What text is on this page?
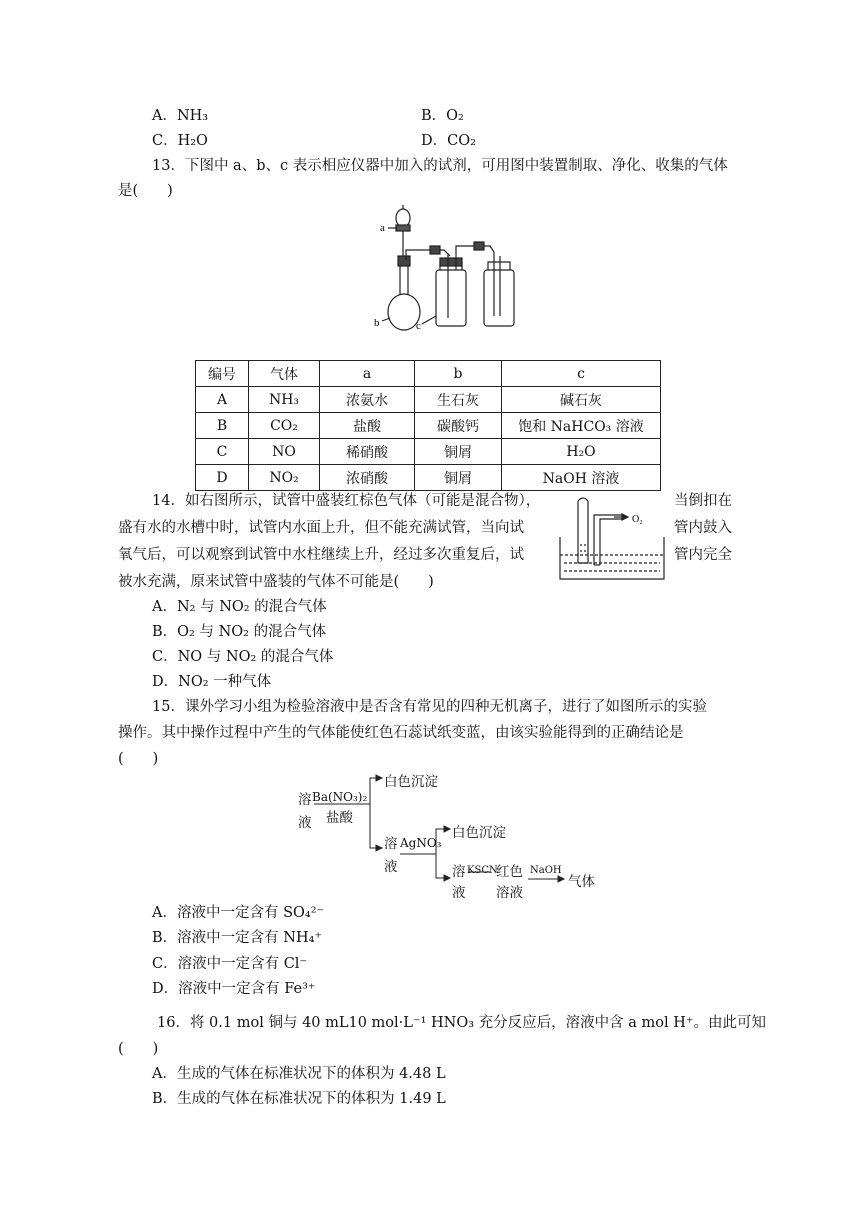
A．NH₃	B．O₂
C．H₂O	D．CO₂
13．下图中 a、b、c 表示相应仪器中加入的试剂，可用图中装置制取、净化、收集的气体
是(　　)
a
b	c
编号	气体	a	b	c
A	NH₃	浓氨水	生石灰	碱石灰
B	CO₂	盐酸	碳酸钙	饱和 NaHCO₃ 溶液
C	NO	稀硝酸	铜屑	H₂O
D	NO₂	浓硝酸	铜屑	NaOH 溶液
14．如右图所示，试管中盛装红棕色气体（可能是混合物），	当倒扣在
盛有水的水槽中时，试管内水面上升，但不能充满试管，当向试	管内鼓入
氧气后，可以观察到试管中水柱继续上升，经过多次重复后，试	管内完全
被水充满，原来试管中盛装的气体不可能是(　　)
O₂
A．N₂ 与 NO₂ 的混合气体
B．O₂ 与 NO₂ 的混合气体
C．NO 与 NO₂ 的混合气体
D．NO₂ 一种气体
15．课外学习小组为检验溶液中是否含有常见的四种无机离子，进行了如图所示的实验
操作。其中操作过程中产生的气体能使红色石蕊试纸变蓝，由该实验能得到的正确结论是
(　　)
溶
液
Ba(NO₃)₂
盐酸
白色沉淀
溶
液
AgNO₃
白色沉淀
溶
液
KSCN
红色
溶液
NaOH
气体
A．溶液中一定含有 SO₄²⁻
B．溶液中一定含有 NH₄⁺
C．溶液中一定含有 Cl⁻
D．溶液中一定含有 Fe³⁺
16．将 0.1 mol 铜与 40 mL10 mol·L⁻¹ HNO₃ 充分反应后，溶液中含 a mol H⁺。由此可知
(　　)
A．生成的气体在标准状况下的体积为 4.48 L
B．生成的气体在标准状况下的体积为 1.49 L
